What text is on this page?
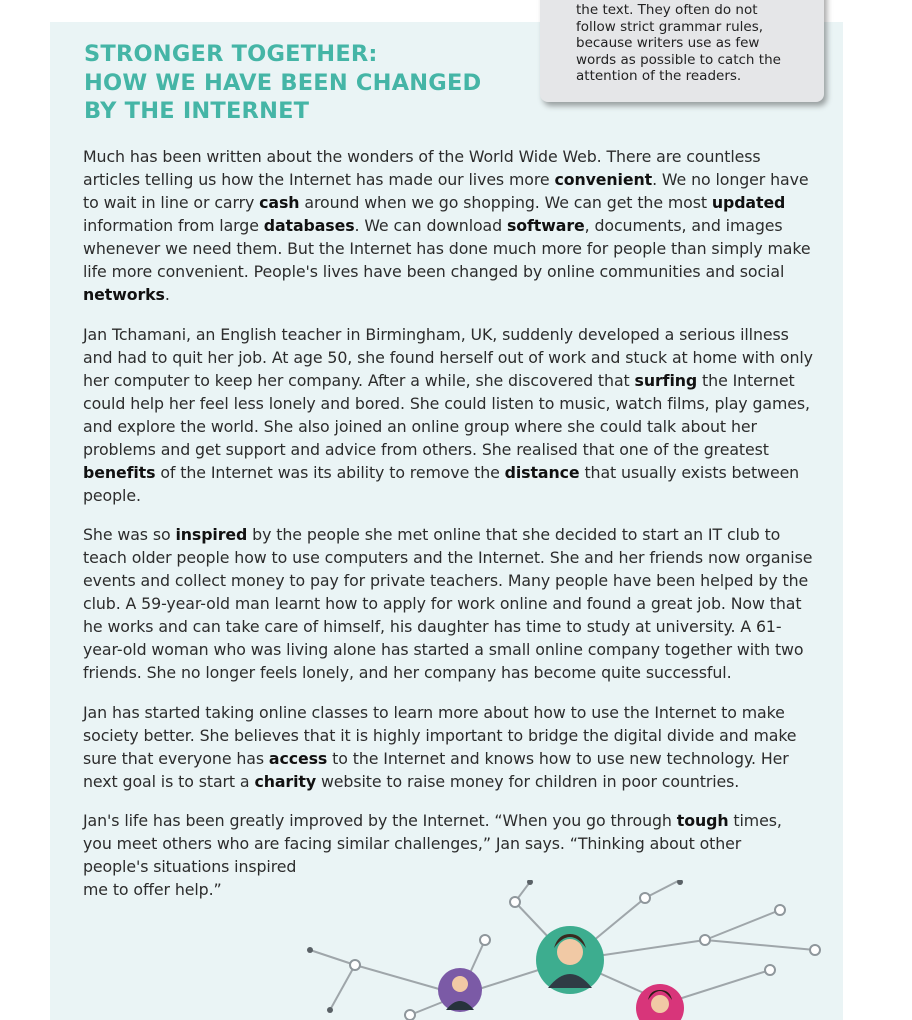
the text. They often do not
follow strict grammar rules,
because writers use as few
words as possible to catch the
attention of the readers.

STRONGER TOGETHER:
HOW WE HAVE BEEN CHANGED
BY THE INTERNET

Much has been written about the wonders of the World Wide Web. There are countless articles telling us how the Internet has made our lives more convenient. We no longer have to wait in line or carry cash around when we go shopping. We can get the most updated information from large databases. We can download software, documents, and images whenever we need them. But the Internet has done much more for people than simply make life more convenient. People's lives have been changed by online communities and social networks.

Jan Tchamani, an English teacher in Birmingham, UK, suddenly developed a serious illness and had to quit her job. At age 50, she found herself out of work and stuck at home with only her computer to keep her company. After a while, she discovered that surfing the Internet could help her feel less lonely and bored. She could listen to music, watch films, play games, and explore the world. She also joined an online group where she could talk about her problems and get support and advice from others. She realised that one of the greatest benefits of the Internet was its ability to remove the distance that usually exists between people.

She was so inspired by the people she met online that she decided to start an IT club to teach older people how to use computers and the Internet. She and her friends now organise events and collect money to pay for private teachers. Many people have been helped by the club. A 59-year-old man learnt how to apply for work online and found a great job. Now that he works and can take care of himself, his daughter has time to study at university. A 61-year-old woman who was living alone has started a small online company together with two friends. She no longer feels lonely, and her company has become quite successful.

Jan has started taking online classes to learn more about how to use the Internet to make society better. She believes that it is highly important to bridge the digital divide and make sure that everyone has access to the Internet and knows how to use new technology. Her next goal is to start a charity website to raise money for children in poor countries.

Jan's life has been greatly improved by the Internet. “When you go through tough times, you meet others who are facing similar challenges,” Jan says. “Thinking about other
people's situations inspired me to offer help.”
